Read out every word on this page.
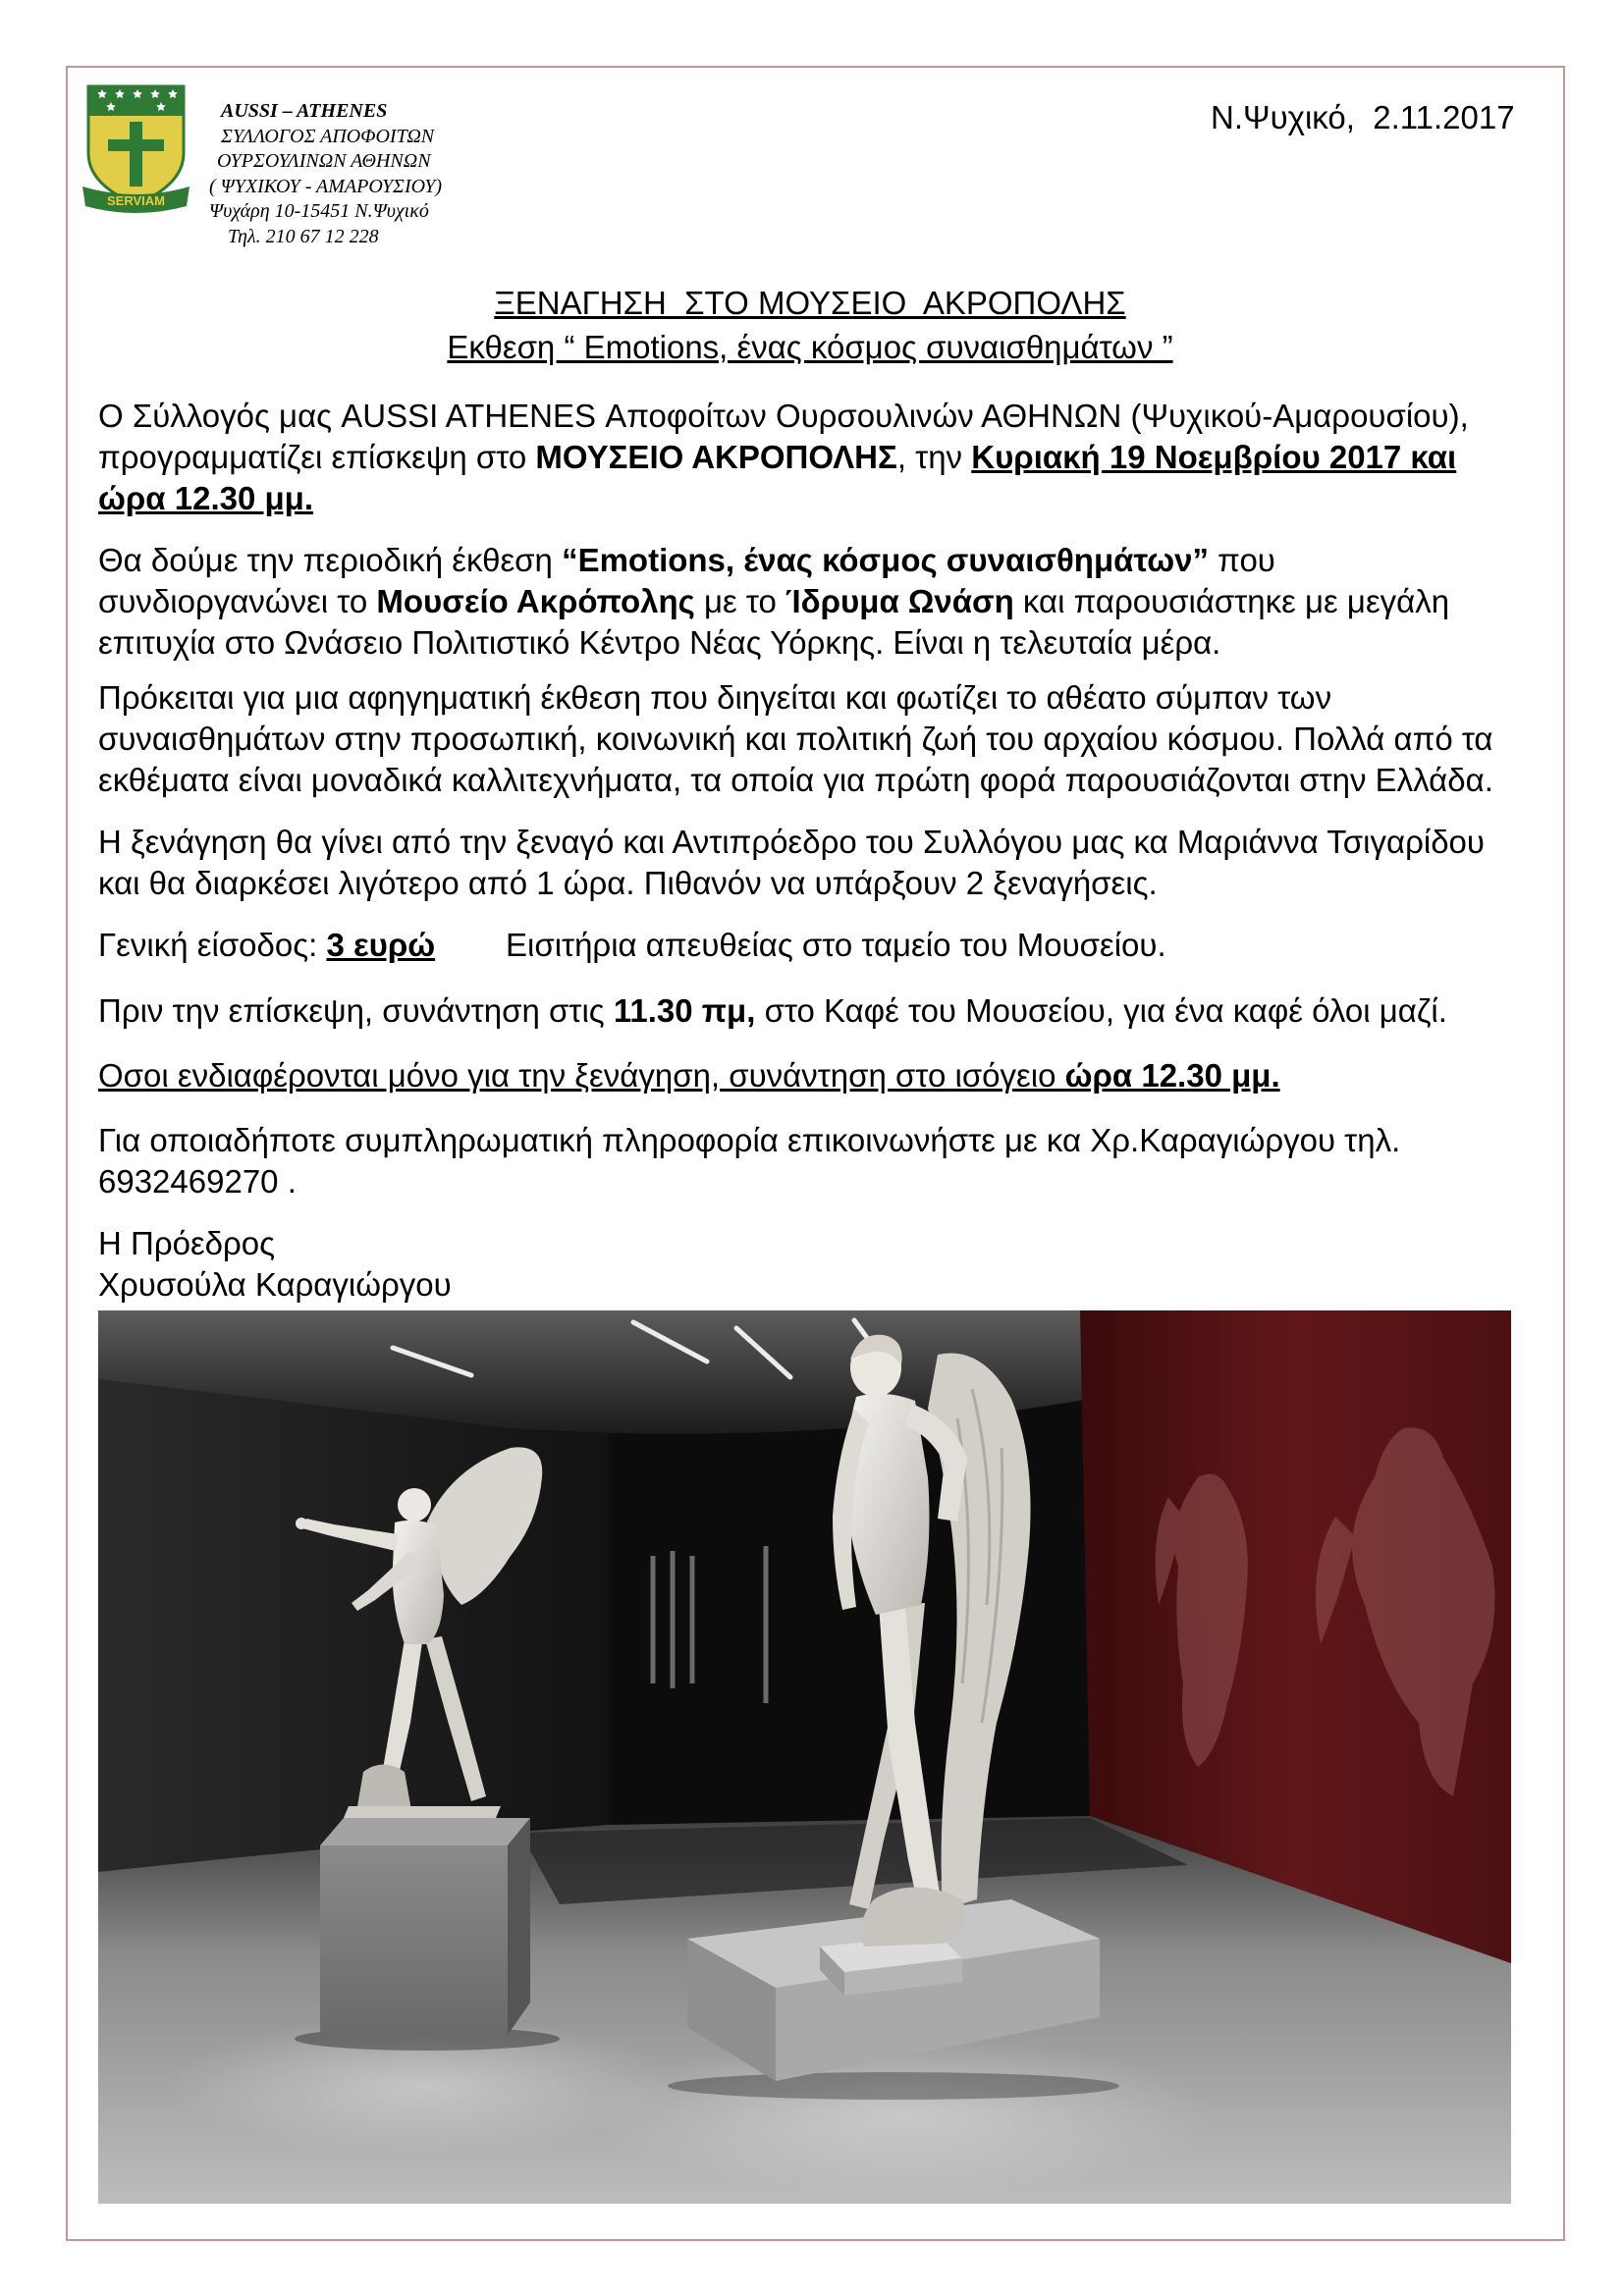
SERVIAM
AUSSI – ATHENES
ΣΥΛΛΟΓΟΣ ΑΠΟΦΟΙΤΩΝ
ΟΥΡΣΟΥΛΙΝΩΝ ΑΘΗΝΩΝ
( ΨΥΧΙΚΟΥ - ΑΜΑΡΟΥΣΙΟΥ)
Ψυχάρη 10-15451 Ν.Ψυχικό
Τηλ. 210 67 12 228
Ν.Ψυχικό,  2.11.2017
ΞΕΝΑΓΗΣΗ  ΣΤΟ ΜΟΥΣΕΙΟ  ΑΚΡΟΠΟΛΗΣ
Εκθεση “ Emotions, ένας κόσμος συναισθημάτων ”
Ο Σύλλογός μας AUSSI ATHENES Αποφοίτων Ουρσουλινών ΑΘΗΝΩΝ (Ψυχικού-Αμαρουσίου),
προγραμματίζει επίσκεψη στο ΜΟΥΣΕΙΟ ΑΚΡΟΠΟΛΗΣ, την Κυριακή 19 Νοεμβρίου 2017 και
ώρα 12.30 μμ.
Θα δούμε την περιοδική έκθεση “Emotions, ένας κόσμος συναισθημάτων” που
συνδιοργανώνει το Μουσείο Ακρόπολης με το Ίδρυμα Ωνάση και παρουσιάστηκε με μεγάλη
επιτυχία στο Ωνάσειο Πολιτιστικό Κέντρο Νέας Υόρκης. Είναι η τελευταία μέρα.
Πρόκειται για μια αφηγηματική έκθεση που διηγείται και φωτίζει το αθέατο σύμπαν των
συναισθημάτων στην προσωπική, κοινωνική και πολιτική ζωή του αρχαίου κόσμου. Πολλά από τα
εκθέματα είναι μοναδικά καλλιτεχνήματα, τα οποία για πρώτη φορά παρουσιάζονται στην Ελλάδα.
Η ξενάγηση θα γίνει από την ξεναγό και Αντιπρόεδρο του Συλλόγου μας κα Μαριάννα Τσιγαρίδου
και θα διαρκέσει λιγότερο από 1 ώρα. Πιθανόν να υπάρξουν 2 ξεναγήσεις.
Γενική είσοδος: 3 ευρώ Εισιτήρια απευθείας στο ταμείο του Μουσείου.
Πριν την επίσκεψη, συνάντηση στις 11.30 πμ, στο Καφέ του Μουσείου, για ένα καφέ όλοι μαζί.
Οσοι ενδιαφέρονται μόνο για την ξενάγηση, συνάντηση στο ισόγειο ώρα 12.30 μμ.
Για οποιαδήποτε συμπληρωματική πληροφορία επικοινωνήστε με κα Χρ.Καραγιώργου τηλ.
6932469270 .
Η Πρόεδρος
Χρυσούλα Καραγιώργου
